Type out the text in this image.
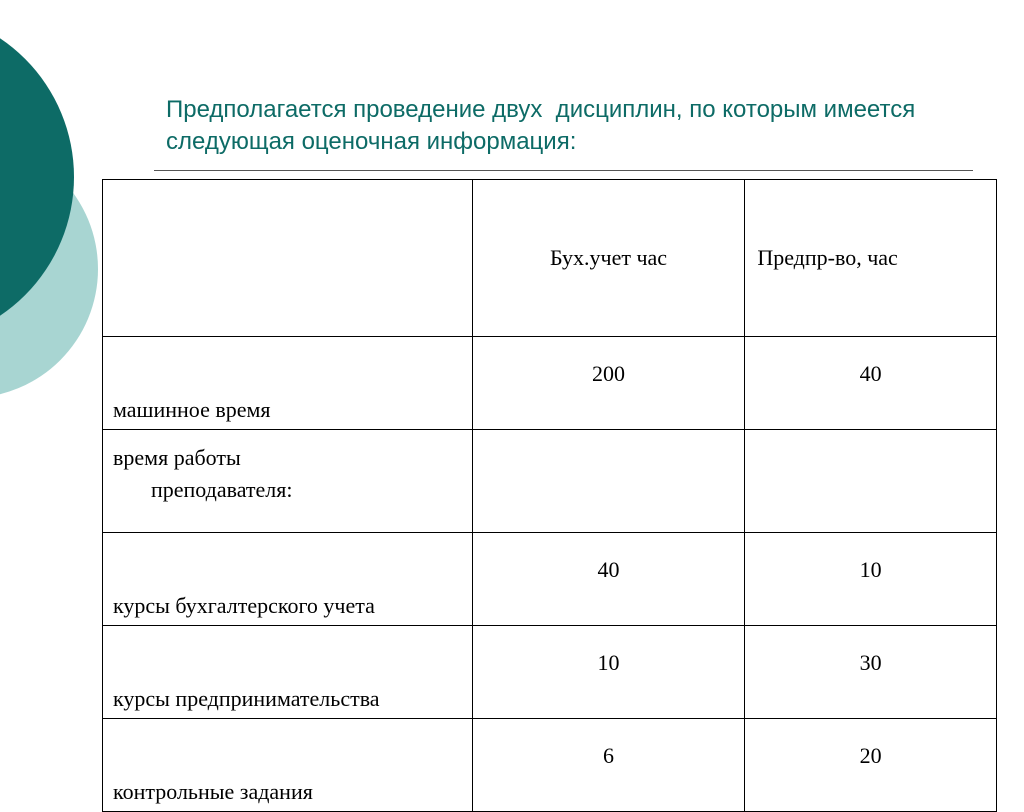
Предполагается проведение двух  дисциплин, по которым имеется следующая оценочная информация:
	Бух.учет час	Предпр-во, час
машинное время	200	40
время работы
преподавателя:		

курсы бухгалтерского учета	40	10
курсы предпринимательства	10	30
контрольные задания	6	20
